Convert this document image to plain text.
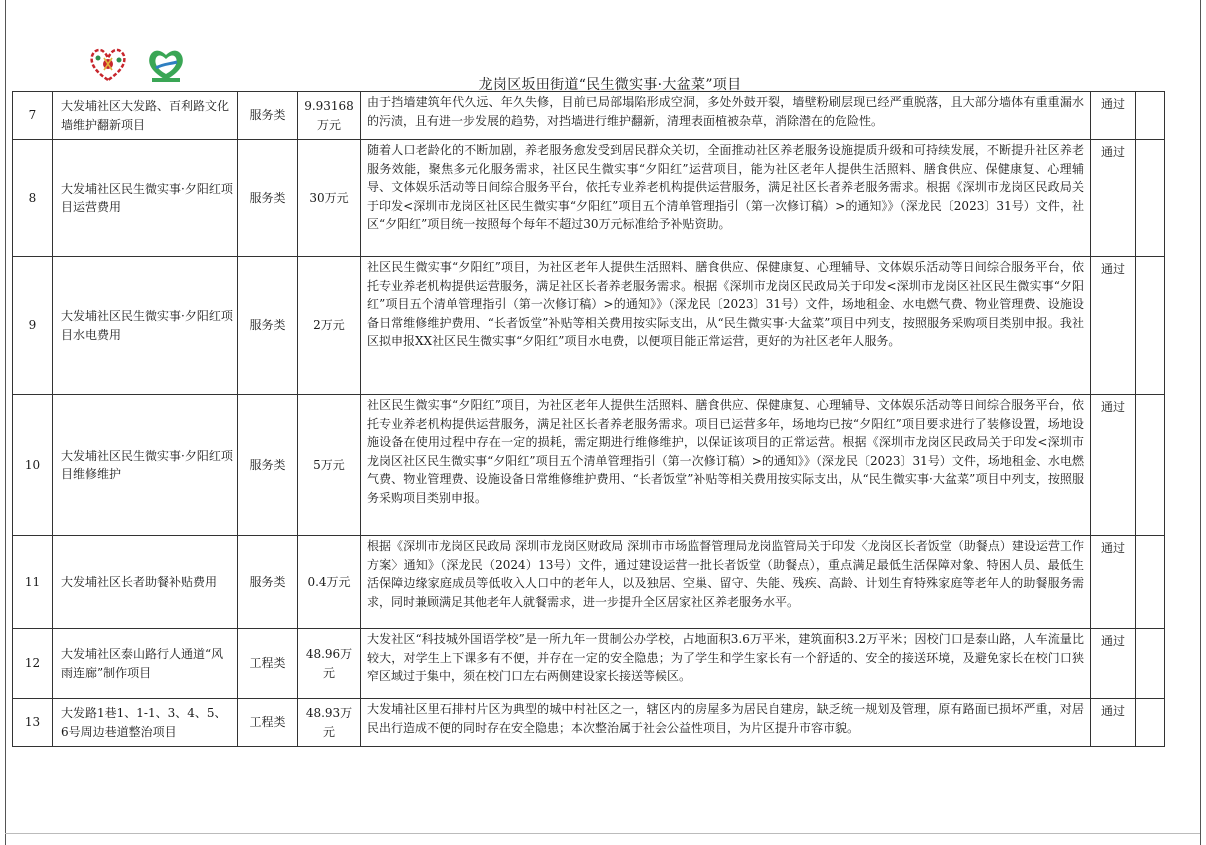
龙岗区坂田街道“民生微实事·大盆菜”项目
7	大发埔社区大发路、百利路文化墙维护翻新项目	服务类	9.93168万元	由于挡墙建筑年代久远、年久失修，目前已局部塌陷形成空洞，多处外鼓开裂，墙壁粉刷层现已经严重脱落，且大部分墙体有重重漏水的污渍，且有进一步发展的趋势，对挡墙进行维护翻新，清理表面植被杂草，消除潜在的危险性。	通过	
8	大发埔社区民生微实事·夕阳红项目运营费用	服务类	30万元	随着人口老龄化的不断加剧，养老服务愈发受到居民群众关切，全面推动社区养老服务设施提质升级和可持续发展，不断提升社区养老服务效能，聚焦多元化服务需求，社区民生微实事“夕阳红”运营项目，能为社区老年人提供生活照料、膳食供应、保健康复、心理辅导、文体娱乐活动等日间综合服务平台，依托专业养老机构提供运营服务，满足社区长者养老服务需求。根据《深圳市龙岗区民政局关于印发<深圳市龙岗区社区民生微实事“夕阳红”项目五个清单管理指引（第一次修订稿）>的通知》》（深龙民〔2023〕31号）文件，社区“夕阳红”项目统一按照每个每年不超过30万元标准给予补贴资助。	通过	
9	大发埔社区民生微实事·夕阳红项目水电费用	服务类	2万元	社区民生微实事“夕阳红”项目，为社区老年人提供生活照料、膳食供应、保健康复、心理辅导、文体娱乐活动等日间综合服务平台，依托专业养老机构提供运营服务，满足社区长者养老服务需求。根据《深圳市龙岗区民政局关于印发<深圳市龙岗区社区民生微实事“夕阳红”项目五个清单管理指引（第一次修订稿）>的通知》》（深龙民〔2023〕31号）文件，场地租金、水电燃气费、物业管理费、设施设备日常维修维护费用、“长者饭堂”补贴等相关费用按实际支出，从“民生微实事·大盆菜”项目中列支，按照服务采购项目类别申报。我社区拟申报XX社区民生微实事“夕阳红”项目水电费，以便项目能正常运营，更好的为社区老年人服务。	通过	
10	大发埔社区民生微实事·夕阳红项目维修维护	服务类	5万元	社区民生微实事“夕阳红”项目，为社区老年人提供生活照料、膳食供应、保健康复、心理辅导、文体娱乐活动等日间综合服务平台，依托专业养老机构提供运营服务，满足社区长者养老服务需求。项目已运营多年，场地均已按“夕阳红”项目要求进行了装修设置，场地设施设备在使用过程中存在一定的损耗，需定期进行维修维护，以保证该项目的正常运营。根据《深圳市龙岗区民政局关于印发<深圳市龙岗区社区民生微实事“夕阳红”项目五个清单管理指引（第一次修订稿）>的通知》》（深龙民〔2023〕31号）文件，场地租金、水电燃气费、物业管理费、设施设备日常维修维护费用、“长者饭堂”补贴等相关费用按实际支出，从“民生微实事·大盆菜”项目中列支，按照服务采购项目类别申报。	通过	
11	大发埔社区长者助餐补贴费用	服务类	0.4万元	根据《深圳市龙岗区民政局 深圳市龙岗区财政局 深圳市市场监督管理局龙岗监管局关于印发〈龙岗区长者饭堂（助餐点）建设运营工作方案〉通知》（深龙民（2024）13号）文件，通过建设运营一批长者饭堂（助餐点），重点满足最低生活保障对象、特困人员、最低生活保障边缘家庭成员等低收入人口中的老年人，以及独居、空巢、留守、失能、残疾、高龄、计划生育特殊家庭等老年人的助餐服务需求，同时兼顾满足其他老年人就餐需求，进一步提升全区居家社区养老服务水平。	通过	
12	大发埔社区泰山路行人通道“风雨连廊”制作项目	工程类	48.96万元	大发社区“科技城外国语学校”是一所九年一贯制公办学校，占地面积3.6万平米，建筑面积3.2万平米；因校门口是泰山路，人车流量比较大，对学生上下课多有不便，并存在一定的安全隐患；为了学生和学生家长有一个舒适的、安全的接送环境，及避免家长在校门口狭窄区域过于集中，须在校门口左右两侧建设家长接送等候区。	通过	
13	大发路1巷1、1-1、3、4、5、6号周边巷道整治项目	工程类	48.93万元	大发埔社区里石排村片区为典型的城中村社区之一，辖区内的房屋多为居民自建房，缺乏统一规划及管理，原有路面已损坏严重，对居民出行造成不便的同时存在安全隐患；本次整治属于社会公益性项目，为片区提升市容市貌。	通过	
